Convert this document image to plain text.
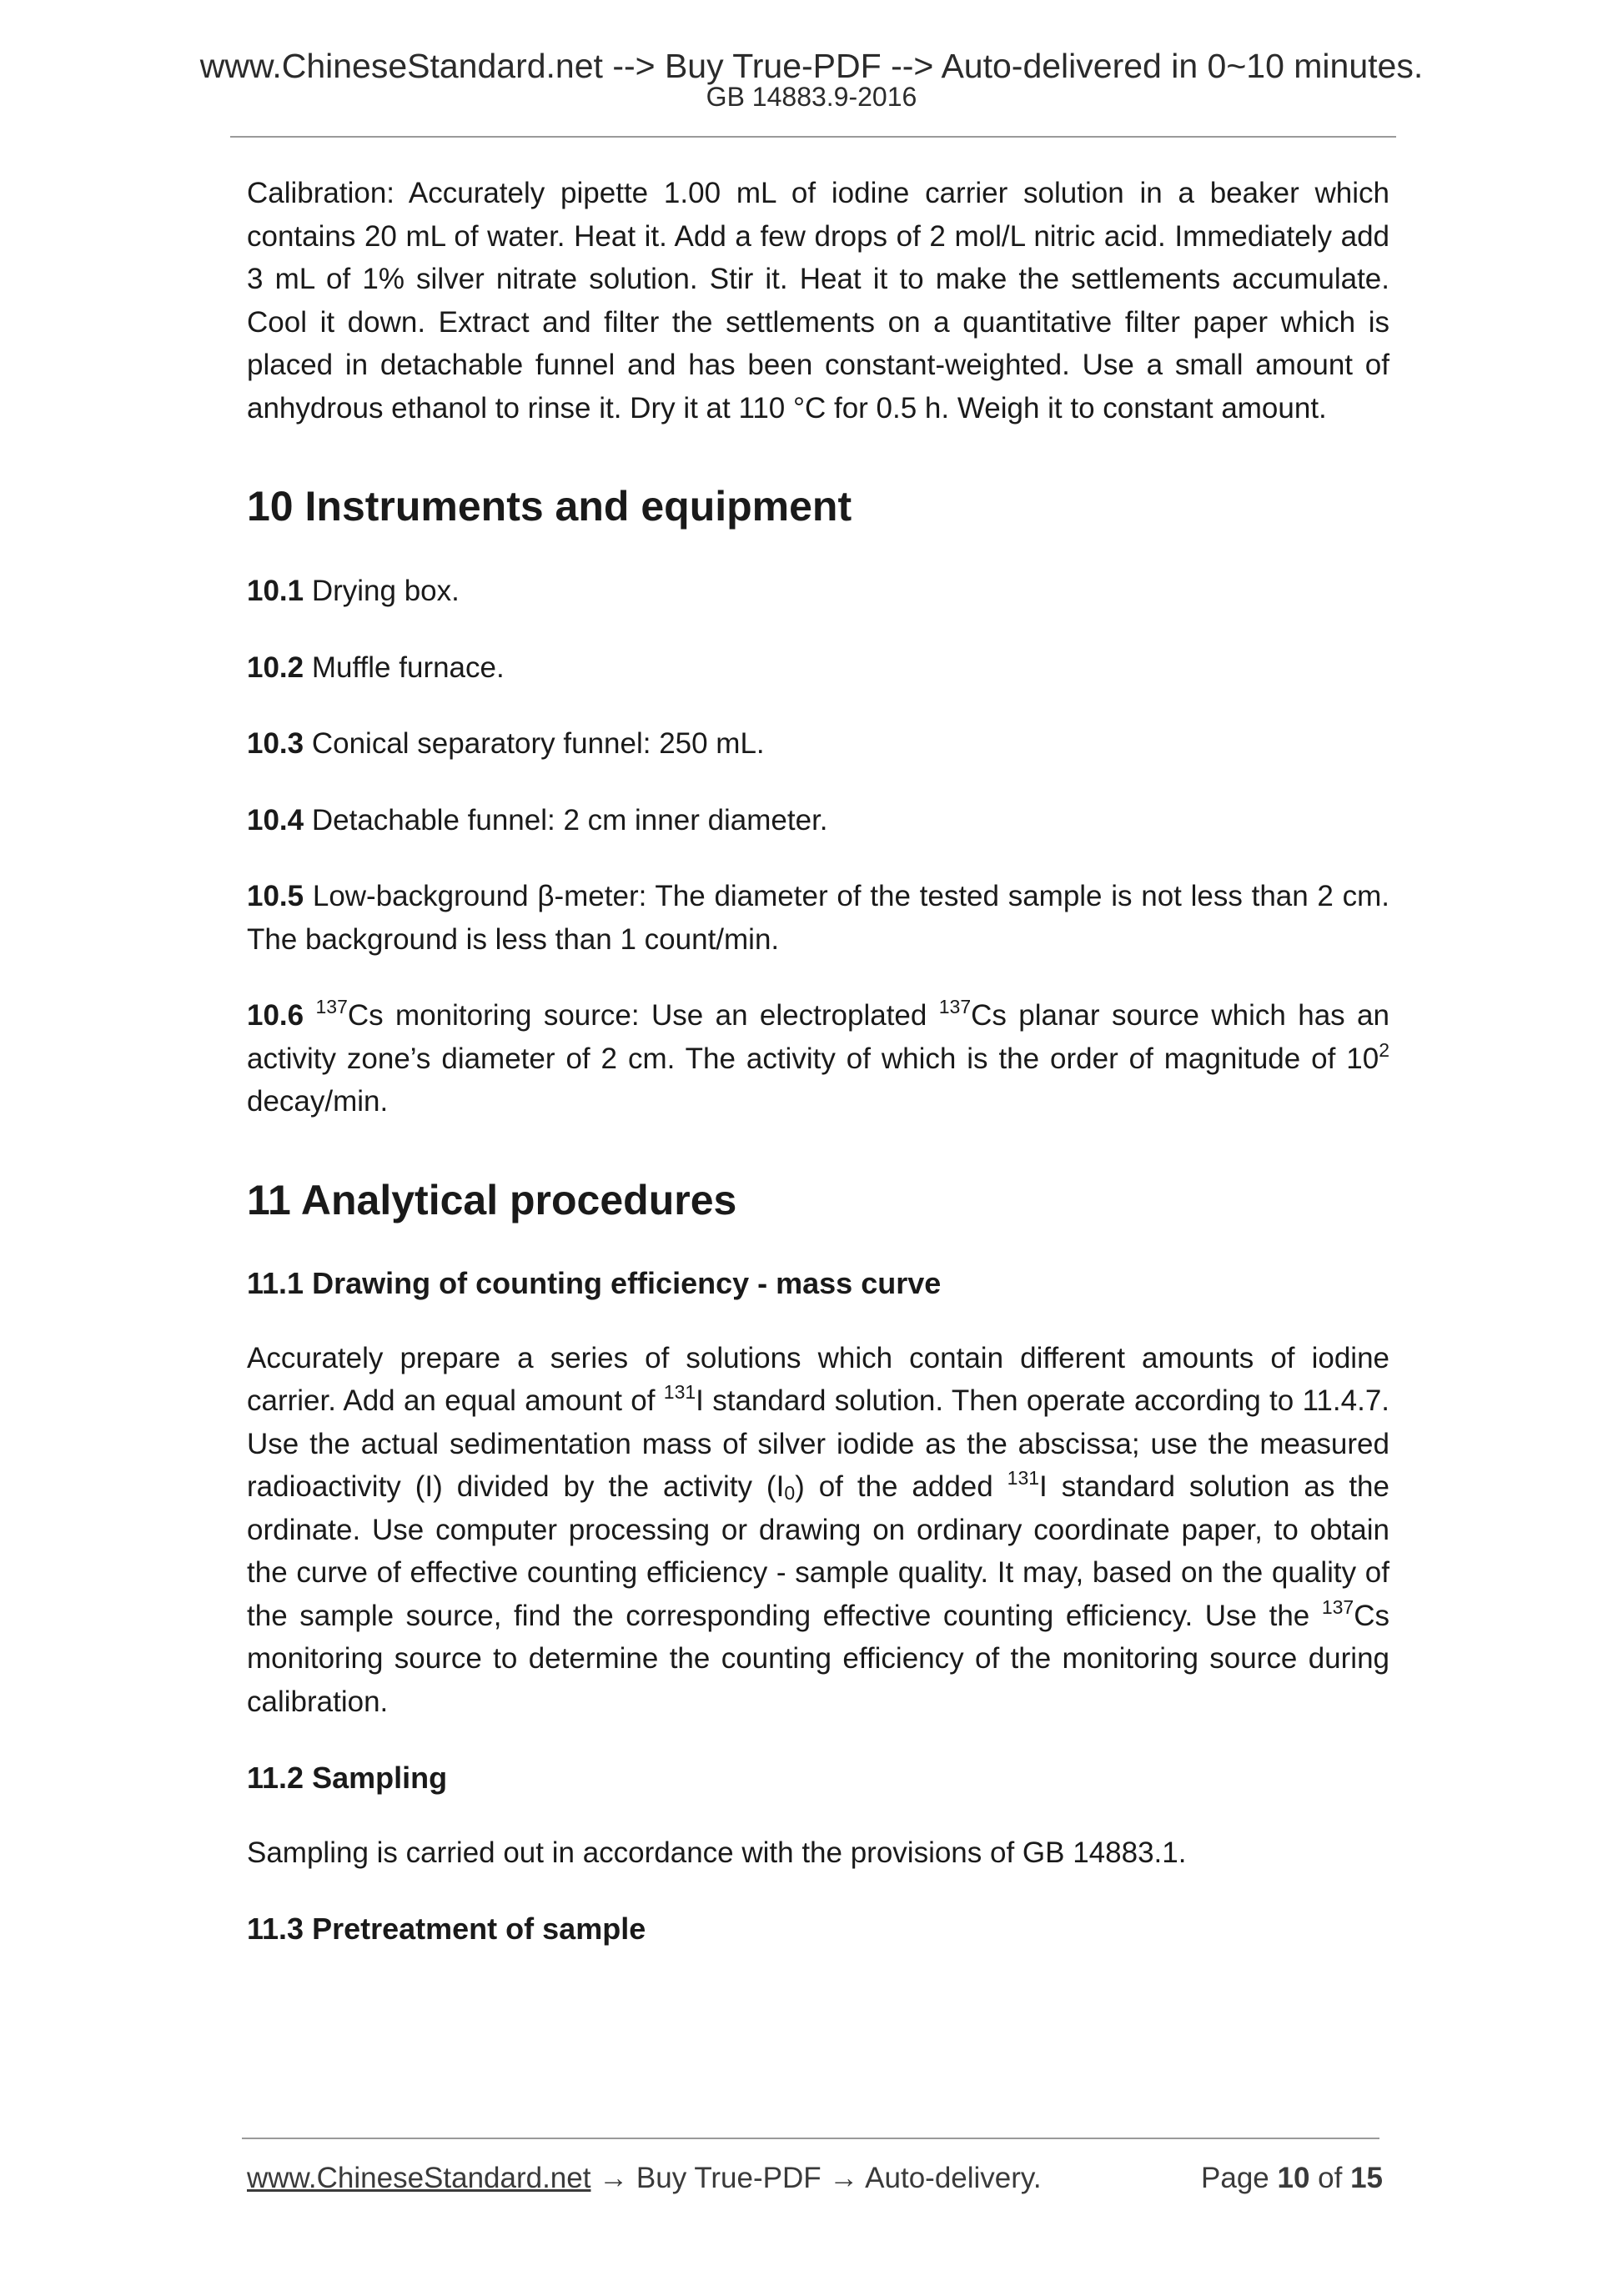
www.ChineseStandard.net --> Buy True-PDF --> Auto-delivered in 0~10 minutes.
GB 14883.9-2016

Calibration: Accurately pipette 1.00 mL of iodine carrier solution in a beaker which contains 20 mL of water. Heat it. Add a few drops of 2 mol/L nitric acid. Immediately add 3 mL of 1% silver nitrate solution. Stir it. Heat it to make the settlements accumulate. Cool it down. Extract and filter the settlements on a quantitative filter paper which is placed in detachable funnel and has been constant-weighted. Use a small amount of anhydrous ethanol to rinse it. Dry it at 110 °C for 0.5 h. Weigh it to constant amount.

10 Instruments and equipment

10.1 Drying box.

10.2 Muffle furnace.

10.3 Conical separatory funnel: 250 mL.

10.4 Detachable funnel: 2 cm inner diameter.

10.5 Low-background β-meter: The diameter of the tested sample is not less than 2 cm. The background is less than 1 count/min.

10.6 $^{137}$Cs monitoring source: Use an electroplated $^{137}$Cs planar source which has an activity zone’s diameter of 2 cm. The activity of which is the order of magnitude of $10^2$ decay/min.

11 Analytical procedures
11.1 Drawing of counting efficiency - mass curve

Accurately prepare a series of solutions which contain different amounts of iodine carrier. Add an equal amount of $^{131}$I standard solution. Then operate according to 11.4.7. Use the actual sedimentation mass of silver iodide as the abscissa; use the measured radioactivity (I) divided by the activity $(I_0)$ of the added $^{131}$I standard solution as the ordinate. Use computer processing or drawing on ordinary coordinate paper, to obtain the curve of effective counting efficiency - sample quality. It may, based on the quality of the sample source, find the corresponding effective counting efficiency. Use the $^{137}$Cs monitoring source to determine the counting efficiency of the monitoring source during calibration.

11.2 Sampling

Sampling is carried out in accordance with the provisions of GB 14883.1.

11.3 Pretreatment of sample
www.ChineseStandard.net → Buy True-PDF → Auto-delivery.	Page 10 of 15
